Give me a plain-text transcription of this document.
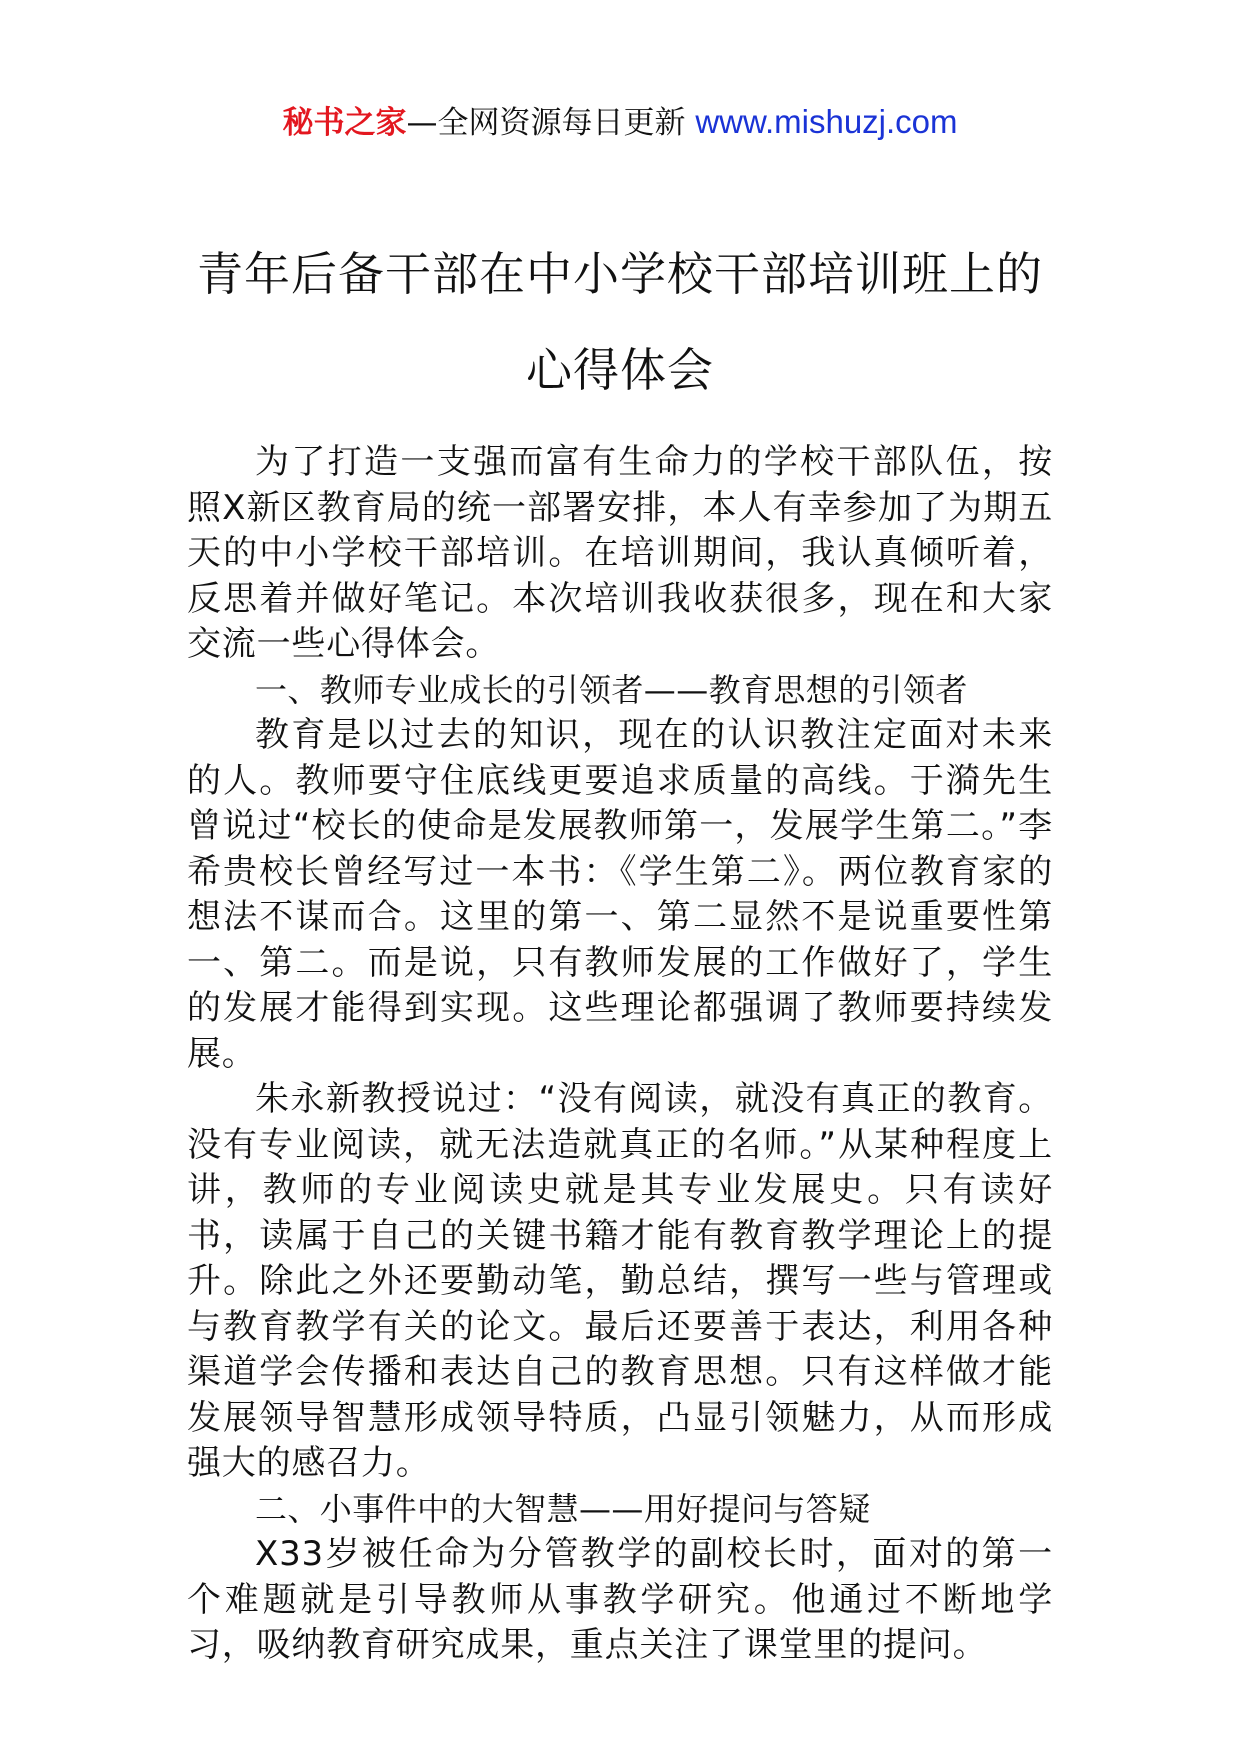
秘书之家—全网资源每日更新 www.mishuzj.com
青年后备干部在中小学校干部培训班上的
心得体会

为了打造一支强而富有生命力的学校干部队伍，按照X新区教育局的统一部署安排，本人有幸参加了为期五天的中小学校干部培训。在培训期间，我认真倾听着，反思着并做好笔记。本次培训我收获很多，现在和大家交流一些心得体会。

一、教师专业成长的引领者——教育思想的引领者

教育是以过去的知识，现在的认识教注定面对未来的人。教师要守住底线更要追求质量的高线。于漪先生曾说过“校长的使命是发展教师第一，发展学生第二。”李希贵校长曾经写过一本书：《学生第二》。两位教育家的想法不谋而合。这里的第一、第二显然不是说重要性第一、第二。而是说，只有教师发展的工作做好了，学生的发展才能得到实现。这些理论都强调了教师要持续发展。

朱永新教授说过：“没有阅读，就没有真正的教育。没有专业阅读，就无法造就真正的名师。”从某种程度上讲，教师的专业阅读史就是其专业发展史。只有读好书，读属于自己的关键书籍才能有教育教学理论上的提升。除此之外还要勤动笔，勤总结，撰写一些与管理或与教育教学有关的论文。最后还要善于表达，利用各种渠道学会传播和表达自己的教育思想。只有这样做才能发展领导智慧形成领导特质，凸显引领魅力，从而形成强大的感召力。

二、小事件中的大智慧——用好提问与答疑

X33岁被任命为分管教学的副校长时，面对的第一个难题就是引导教师从事教学研究。他通过不断地学习，吸纳教育研究成果，重点关注了课堂里的提问。
